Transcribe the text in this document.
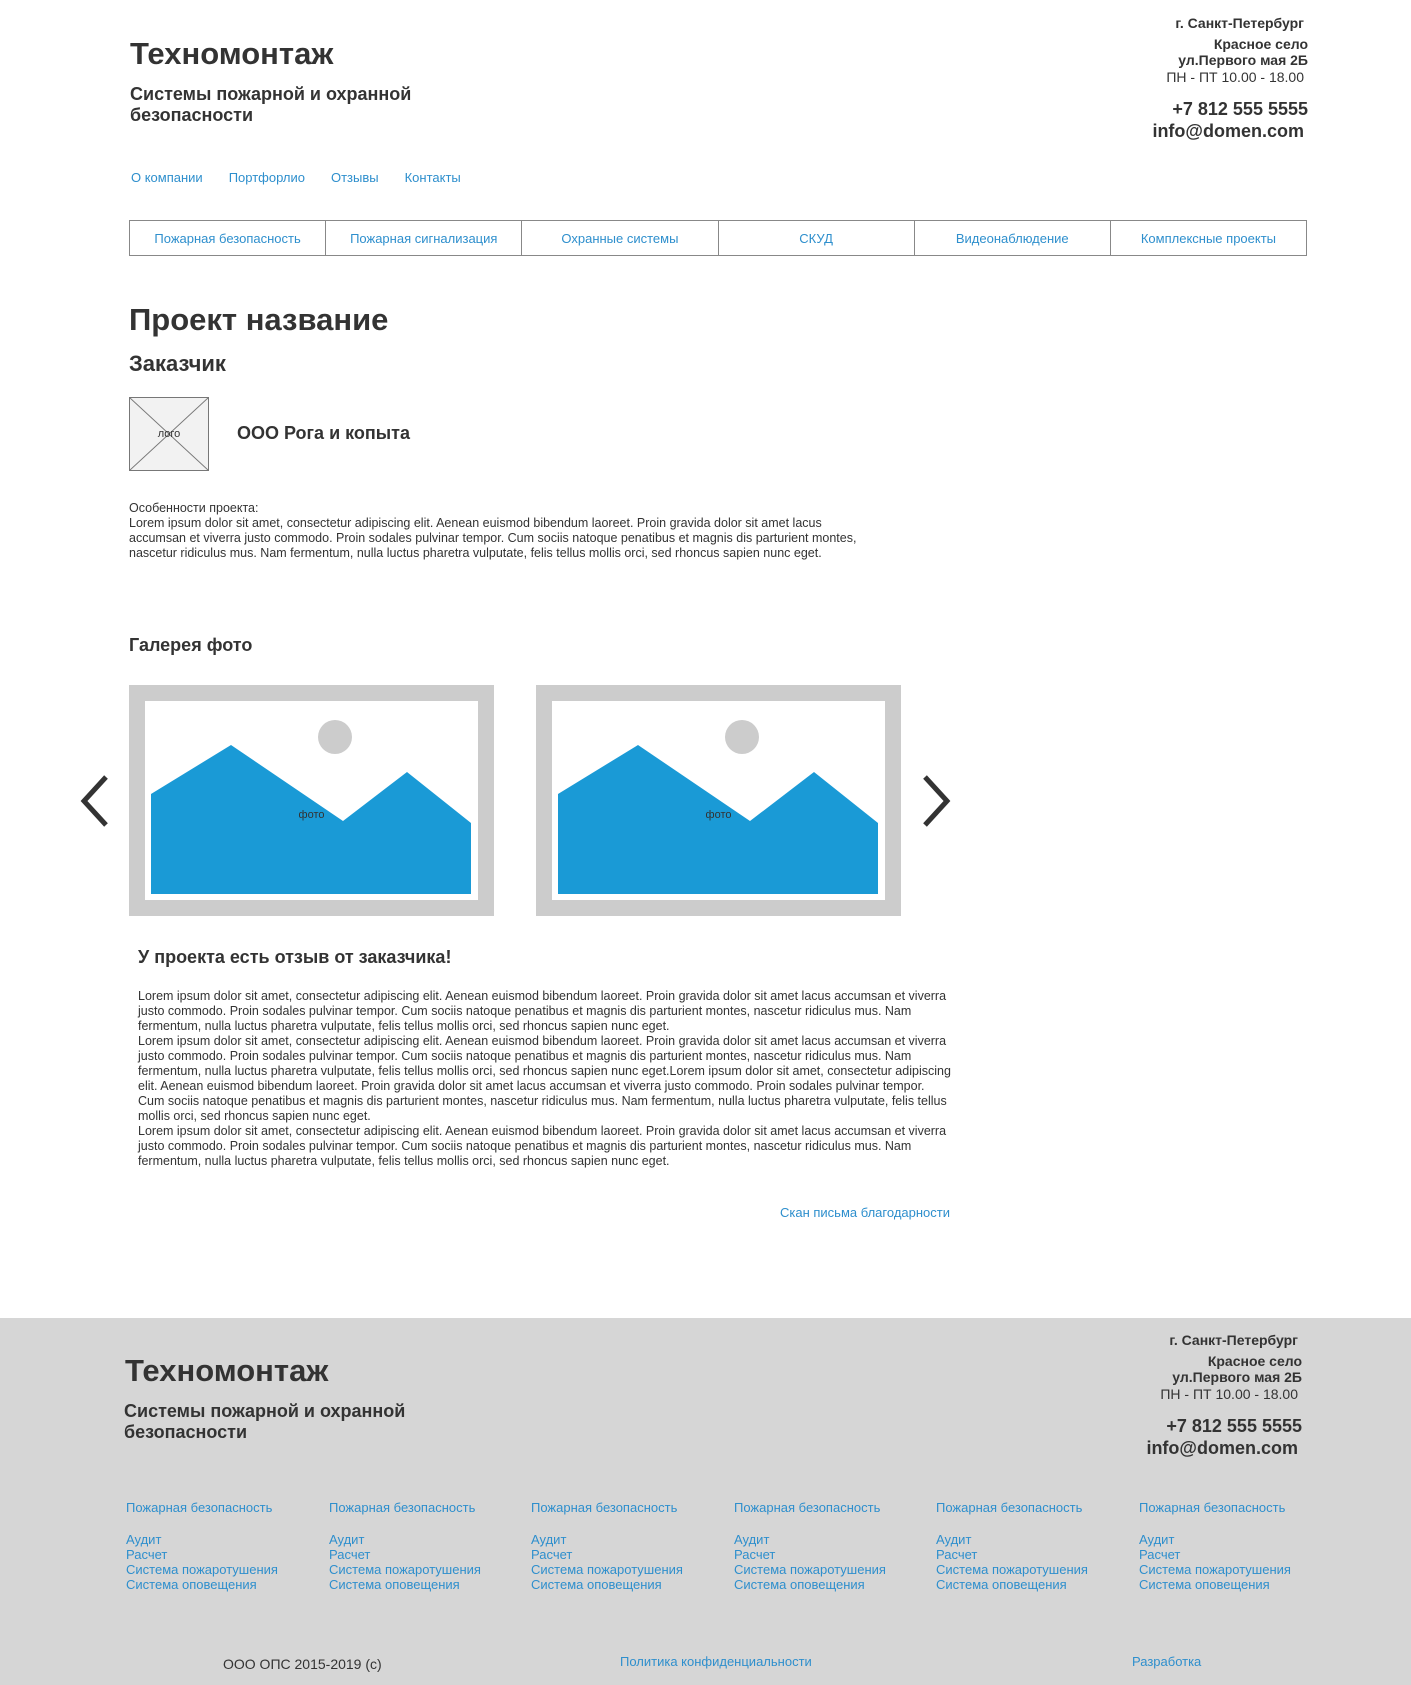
Техномонтаж
Системы пожарной и охранной безопасности
г. Санкт-Петербург
Красное село
ул.Первого мая 2Б
ПН - ПТ 10.00 - 18.00
+7 812 555 5555
info@domen.com
О компании Портфорлио Отзывы Контакты
Пожарная безопасность	Пожарная сигнализация	Охранные системы	СКУД	Видеонаблюдение	Комплексные проекты
Проект название
Заказчик
лого	ООО Рога и копыта
Особенности проекта:
Lorem ipsum dolor sit amet, consectetur adipiscing elit. Aenean euismod bibendum laoreet. Proin gravida dolor sit amet lacus accumsan et viverra justo commodo. Proin sodales pulvinar tempor. Cum sociis natoque penatibus et magnis dis parturient montes, nascetur ridiculus mus. Nam fermentum, nulla luctus pharetra vulputate, felis tellus mollis orci, sed rhoncus sapien nunc eget.
Галерея фото
фото	фото
У проекта есть отзыв от заказчика!
Lorem ipsum dolor sit amet, consectetur adipiscing elit. Aenean euismod bibendum laoreet. Proin gravida dolor sit amet lacus accumsan et viverra justo commodo. Proin sodales pulvinar tempor. Cum sociis natoque penatibus et magnis dis parturient montes, nascetur ridiculus mus. Nam fermentum, nulla luctus pharetra vulputate, felis tellus mollis orci, sed rhoncus sapien nunc eget.
Lorem ipsum dolor sit amet, consectetur adipiscing elit. Aenean euismod bibendum laoreet. Proin gravida dolor sit amet lacus accumsan et viverra justo commodo. Proin sodales pulvinar tempor. Cum sociis natoque penatibus et magnis dis parturient montes, nascetur ridiculus mus. Nam fermentum, nulla luctus pharetra vulputate, felis tellus mollis orci, sed rhoncus sapien nunc eget.Lorem ipsum dolor sit amet, consectetur adipiscing elit. Aenean euismod bibendum laoreet. Proin gravida dolor sit amet lacus accumsan et viverra justo commodo. Proin sodales pulvinar tempor. Cum sociis natoque penatibus et magnis dis parturient montes, nascetur ridiculus mus. Nam fermentum, nulla luctus pharetra vulputate, felis tellus mollis orci, sed rhoncus sapien nunc eget.
Lorem ipsum dolor sit amet, consectetur adipiscing elit. Aenean euismod bibendum laoreet. Proin gravida dolor sit amet lacus accumsan et viverra justo commodo. Proin sodales pulvinar tempor. Cum sociis natoque penatibus et magnis dis parturient montes, nascetur ridiculus mus. Nam fermentum, nulla luctus pharetra vulputate, felis tellus mollis orci, sed rhoncus sapien nunc eget.
Скан письма благодарности
Техномонтаж
Системы пожарной и охранной безопасности
г. Санкт-Петербург
Красное село
ул.Первого мая 2Б
ПН - ПТ 10.00 - 18.00
+7 812 555 5555
info@domen.com
Пожарная безопасность
Аудит
Расчет
Система пожаротушения
Система оповещения
Пожарная безопасность
Аудит
Расчет
Система пожаротушения
Система оповещения
Пожарная безопасность
Аудит
Расчет
Система пожаротушения
Система оповещения
Пожарная безопасность
Аудит
Расчет
Система пожаротушения
Система оповещения
Пожарная безопасность
Аудит
Расчет
Система пожаротушения
Система оповещения
Пожарная безопасность
Аудит
Расчет
Система пожаротушения
Система оповещения
ООО ОПС 2015-2019 (с)	Политика конфиденциальности	Разработка
